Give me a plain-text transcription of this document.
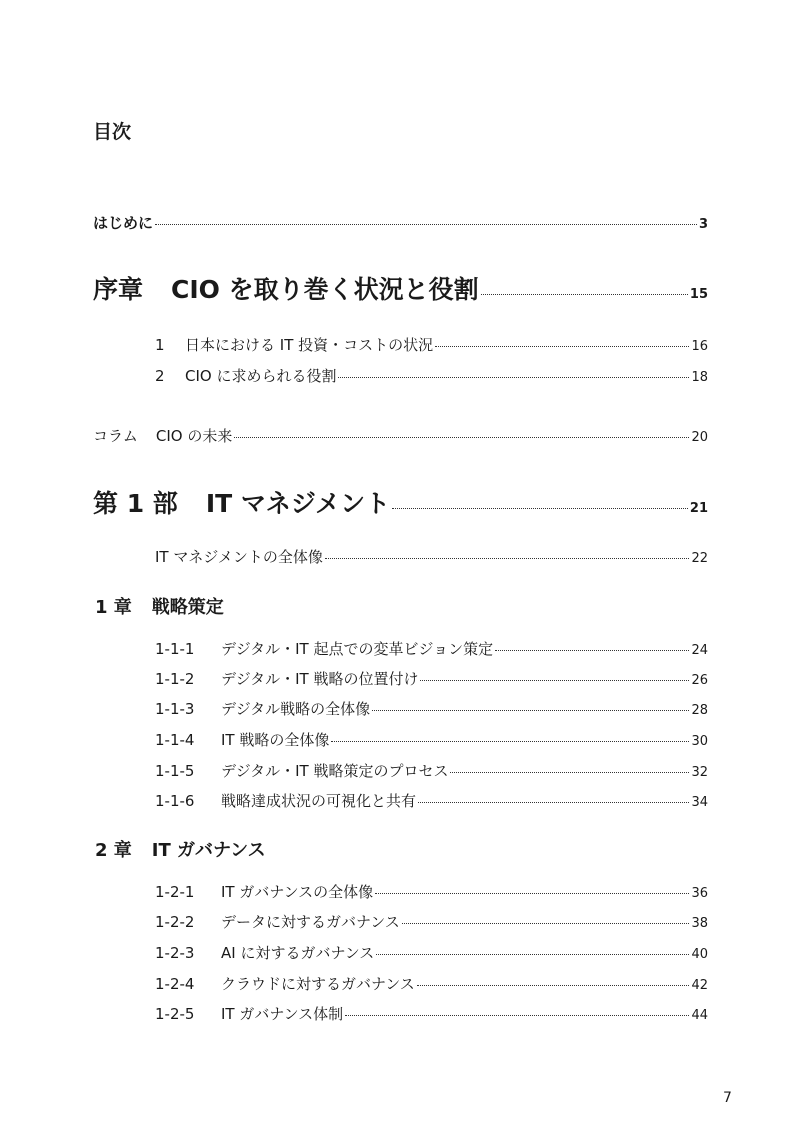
目次
はじめに	3
序章 CIO を取り巻く状況と役割	15
1 日本における IT 投資・コストの状況	16
2 CIO に求められる役割	18
コラム CIO の未来	20
第 1 部 IT マネジメント	21
IT マネジメントの全体像	22
1 章 戦略策定
1-1-1 デジタル・IT 起点での変革ビジョン策定	24
1-1-2 デジタル・IT 戦略の位置付け	26
1-1-3 デジタル戦略の全体像	28
1-1-4 IT 戦略の全体像	30
1-1-5 デジタル・IT 戦略策定のプロセス	32
1-1-6 戦略達成状況の可視化と共有	34
2 章 IT ガバナンス
1-2-1 IT ガバナンスの全体像	36
1-2-2 データに対するガバナンス	38
1-2-3 AI に対するガバナンス	40
1-2-4 クラウドに対するガバナンス	42
1-2-5 IT ガバナンス体制	44
7
